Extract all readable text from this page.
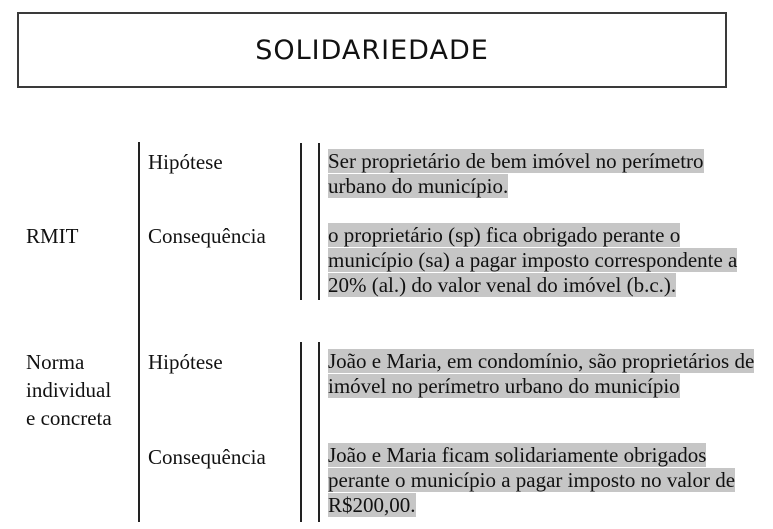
SOLIDARIEDADE
RMIT
Hipótese
Consequência
Ser proprietário de bem imóvel no perímetro urbano do município.
o proprietário (sp) fica obrigado perante o município (sa) a pagar imposto correspondente a 20% (al.) do valor venal do imóvel (b.c.).
Norma
individual
e concreta
Hipótese
Consequência
João e Maria, em condomínio, são proprietários de imóvel no perímetro urbano do município
João e Maria ficam solidariamente obrigados perante o município a pagar imposto no valor de R$200,00.
